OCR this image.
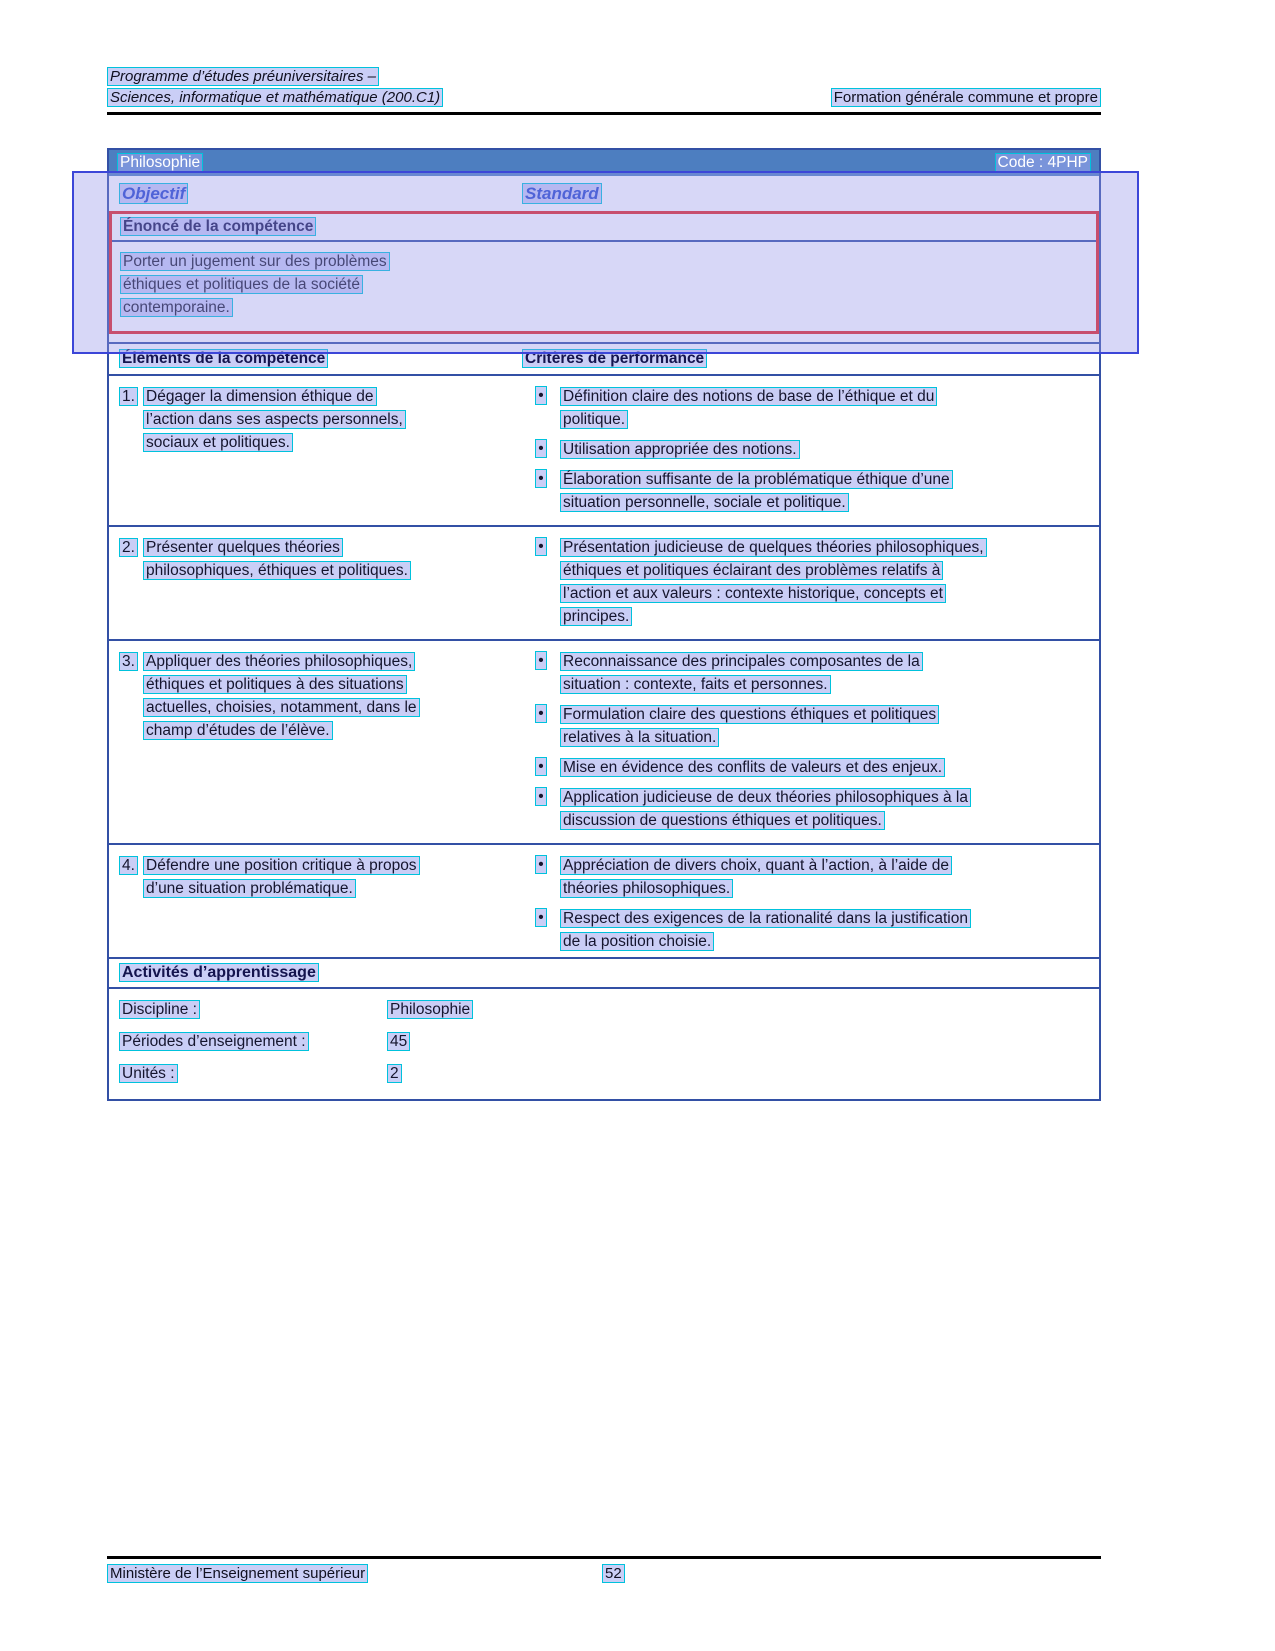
Programme d’études préuniversitaires –
Sciences, informatique et mathématique (200.C1)	Formation générale commune et propre
Philosophie	Code : 4PHP
Objectif	Standard
Énoncé de la compétence
Porter un jugement sur des problèmes
éthiques et politiques de la société
contemporaine.
Éléments de la compétence	Critères de performance
1. Dégager la dimension éthique de
l’action dans ses aspects personnels,
sociaux et politiques.
•	Définition claire des notions de base de l’éthique et du
politique.
•	Utilisation appropriée des notions.
•	Élaboration suffisante de la problématique éthique d’une
situation personnelle, sociale et politique.
2. Présenter quelques théories
philosophiques, éthiques et politiques.
•	Présentation judicieuse de quelques théories philosophiques,
éthiques et politiques éclairant des problèmes relatifs à
l’action et aux valeurs : contexte historique, concepts et
principes.
3. Appliquer des théories philosophiques,
éthiques et politiques à des situations
actuelles, choisies, notamment, dans le
champ d’études de l’élève.
•	Reconnaissance des principales composantes de la
situation : contexte, faits et personnes.
•	Formulation claire des questions éthiques et politiques
relatives à la situation.
•	Mise en évidence des conflits de valeurs et des enjeux.
•	Application judicieuse de deux théories philosophiques à la
discussion de questions éthiques et politiques.
4. Défendre une position critique à propos
d’une situation problématique.
•	Appréciation de divers choix, quant à l’action, à l’aide de
théories philosophiques.
•	Respect des exigences de la rationalité dans la justification
de la position choisie.
Activités d’apprentissage
Discipline :	Philosophie
Périodes d’enseignement :	45
Unités :	2
Ministère de l’Enseignement supérieur	52
